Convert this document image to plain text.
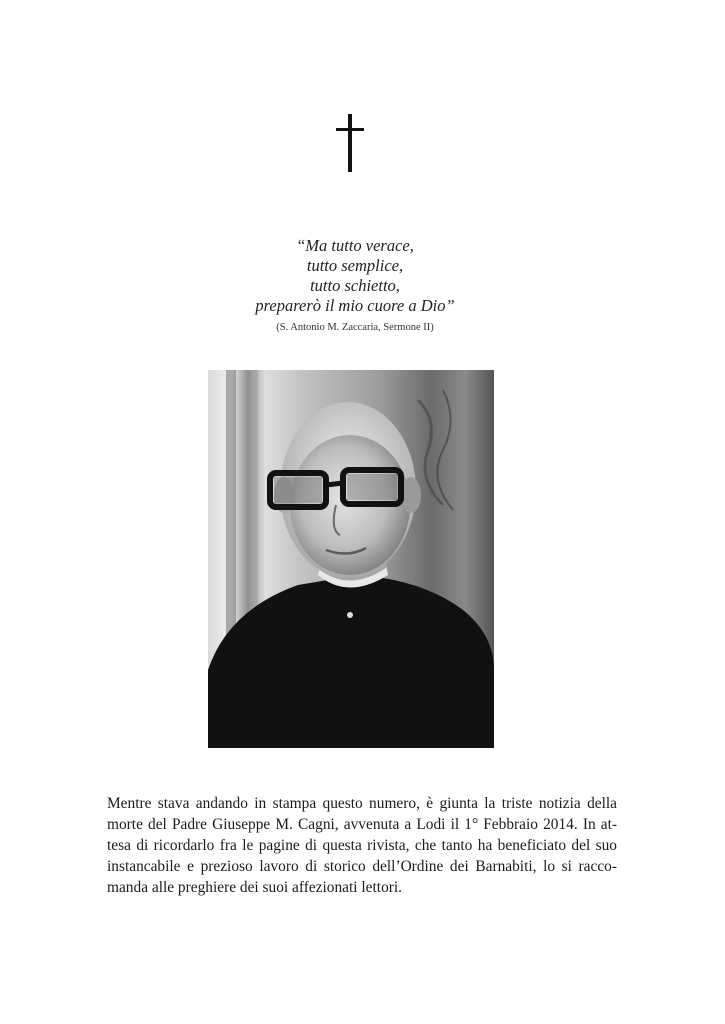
“Ma tutto verace,
tutto semplice,
tutto schietto,
preparerò il mio cuore a Dio”
(S. Antonio M. Zaccaria, Sermone II)
Mentre stava andando in stampa questo numero, è giunta la triste notizia della
morte del Padre Giuseppe M. Cagni, avvenuta a Lodi il 1° Febbraio 2014. In at-
tesa di ricordarlo fra le pagine di questa rivista, che tanto ha beneficiato del suo
instancabile e prezioso lavoro di storico dell’Ordine dei Barnabiti, lo si racco-
manda alle preghiere dei suoi affezionati lettori.
